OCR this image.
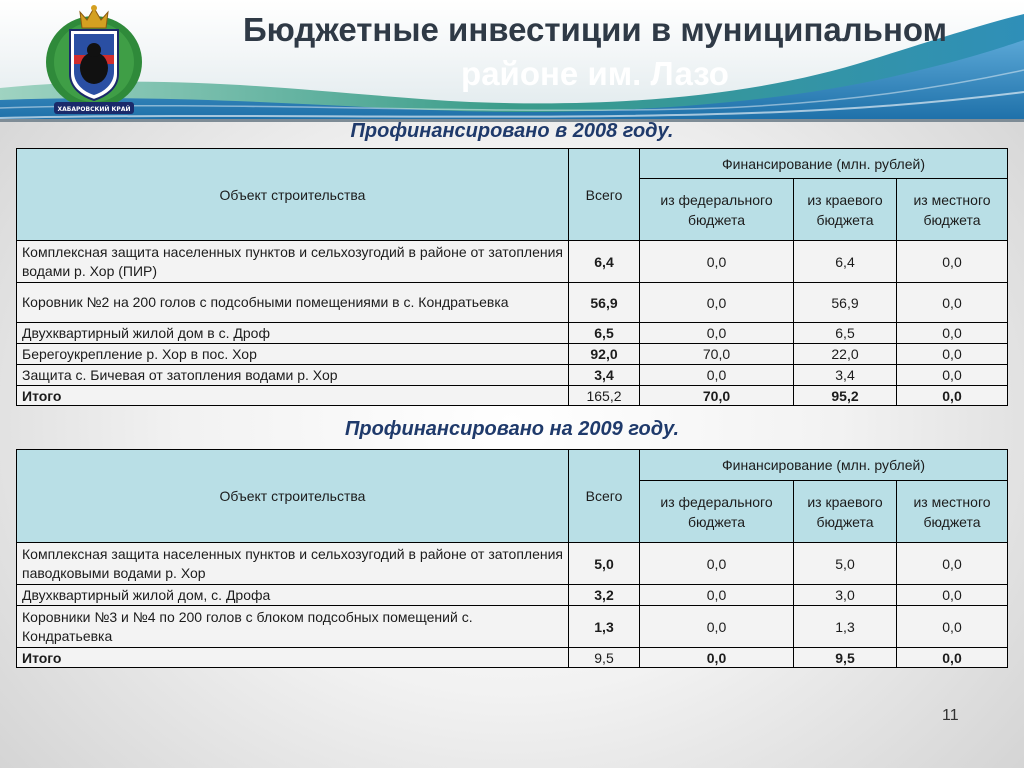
ХАБАРОВСКИЙ КРАЙ
Бюджетные инвестиции в муниципальном
районе им. Лазо
Профинансировано в 2008 году.
Объект строительства	Всего	Финансирование (млн. рублей)		
		из федерального бюджета	из краевого бюджета	из местного бюджета
Комплексная защита населенных пунктов и сельхозугодий в районе от затопления водами р. Хор (ПИР)	6,4	0,0	6,4	0,0
Коровник №2 на 200 голов с подсобными помещениями в с. Кондратьевка	56,9	0,0	56,9	0,0
Двухквартирный жилой дом в с. Дроф	6,5	0,0	6,5	0,0
Берегоукрепление р. Хор в пос. Хор	92,0	70,0	22,0	0,0
Защита с. Бичевая от затопления водами р. Хор	3,4	0,0	3,4	0,0
Итого	165,2	70,0	95,2	0,0
Профинансировано на 2009 году.
Объект строительства	Всего	Финансирование (млн. рублей)		
		из федерального бюджета	из краевого бюджета	из местного бюджета
Комплексная защита населенных пунктов и сельхозугодий в районе от затопления паводковыми водами р. Хор	5,0	0,0	5,0	0,0
Двухквартирный жилой дом, с. Дрофа	3,2	0,0	3,0	0,0
Коровники №3 и №4 по 200 голов с блоком подсобных помещений с. Кондратьевка	1,3	0,0	1,3	0,0
Итого	9,5	0,0	9,5	0,0
11
